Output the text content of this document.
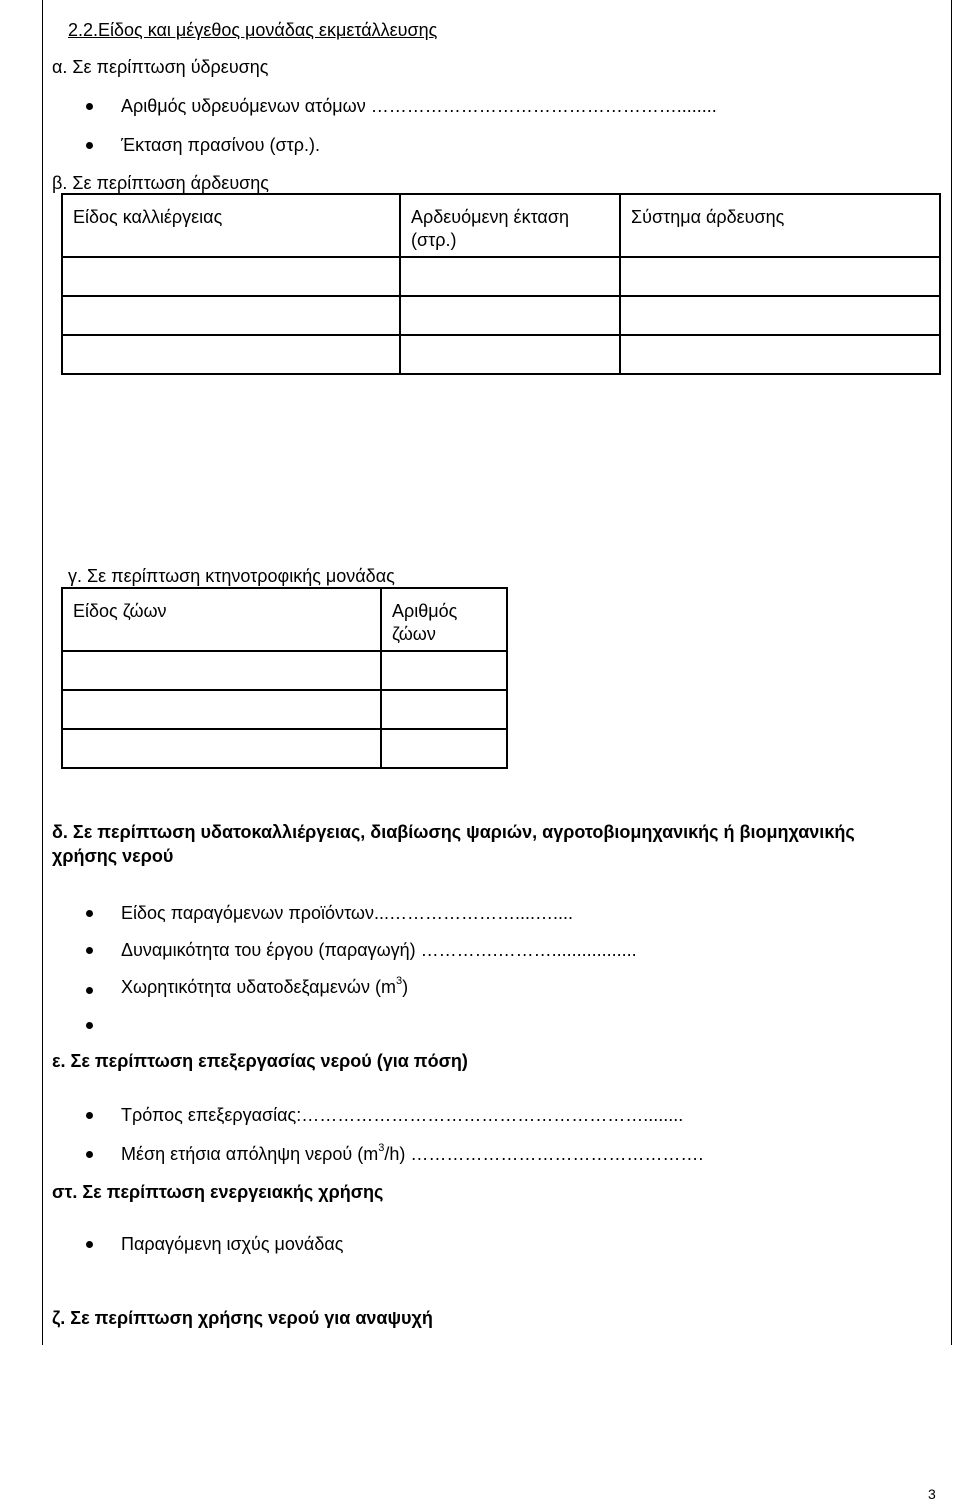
2.2.Είδος και μέγεθος μονάδας εκμετάλλευσης
α. Σε περίπτωση ύδρευσης
Αριθμός υδρευόμενων ατόμων ……………………………………………........
Έκταση πρασίνου (στρ.).
β. Σε περίπτωση άρδευσης
Είδος καλλιέργειας	Αρδευόμενη έκταση (στρ.)	Σύστημα άρδευσης

γ. Σε περίπτωση κτηνοτροφικής μονάδας
Είδος ζώων	Αριθμός ζώων

δ. Σε περίπτωση υδατοκαλλιέργειας, διαβίωσης ψαριών, αγροτοβιομηχανικής ή βιομηχανικής
χρήσης νερού
Είδος παραγόμενων προϊόντων...…………………....…....
Δυναμικότητα του έργου (παραγωγή) ………….……….................
Χωρητικότητα υδατοδεξαμενών $(m^3)$
ε. Σε περίπτωση επεξεργασίας νερού (για πόση)
Τρόπος επεξεργασίας:…………………………………………………........
Μέση ετήσια απόληψη νερού $(m^3/h)$ ………………………………………….
στ. Σε περίπτωση ενεργειακής χρήσης
Παραγόμενη ισχύς μονάδας
ζ. Σε περίπτωση χρήσης νερού για αναψυχή
3
